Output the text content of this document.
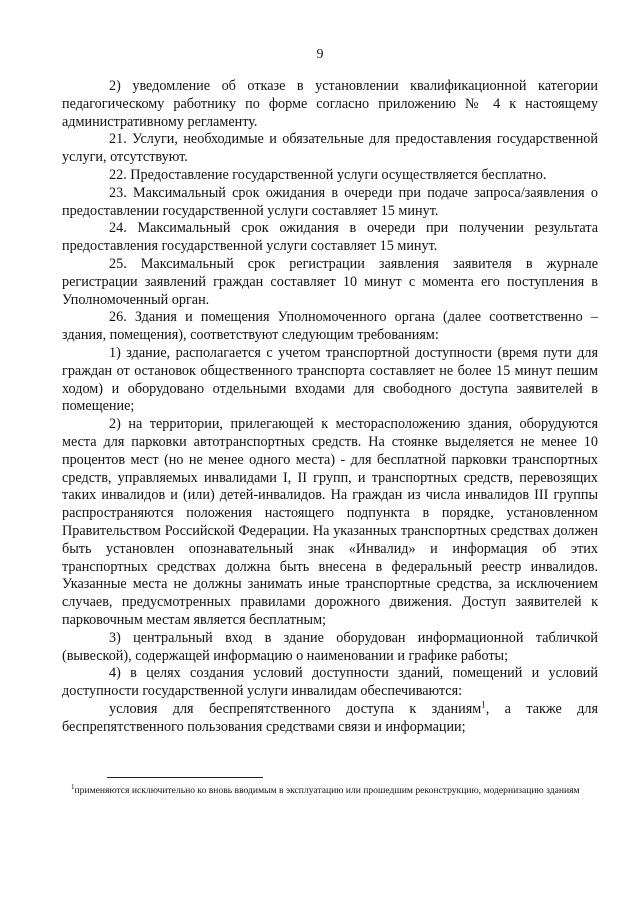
9

2) уведомление об отказе в установлении квалификационной категории педагогическому работнику по форме согласно приложению № 4 к настоящему административному регламенту.

21. Услуги, необходимые и обязательные для предоставления государственной услуги, отсутствуют.

22. Предоставление государственной услуги осуществляется бесплатно.

23. Максимальный срок ожидания в очереди при подаче запроса/заявления о предоставлении государственной услуги составляет 15 минут.

24. Максимальный срок ожидания в очереди при получении результата предоставления государственной услуги составляет 15 минут.

25. Максимальный срок регистрации заявления заявителя в журнале регистрации заявлений граждан составляет 10 минут с момента его поступления в Уполномоченный орган.

26. Здания и помещения Уполномоченного органа (далее соответственно – здания, помещения), соответствуют следующим требованиям:

1) здание, располагается с учетом транспортной доступности (время пути для граждан от остановок общественного транспорта составляет не более 15 минут пешим ходом) и оборудовано отдельными входами для свободного доступа заявителей в помещение;

2) на территории, прилегающей к месторасположению здания, оборудуются места для парковки автотранспортных средств. На стоянке выделяется не менее 10 процентов мест (но не менее одного места) - для бесплатной парковки транспортных средств, управляемых инвалидами I, II групп, и транспортных средств, перевозящих таких инвалидов и (или) детей-инвалидов. На граждан из числа инвалидов III группы распространяются положения настоящего подпункта в порядке, установленном Правительством Российской Федерации. На указанных транспортных средствах должен быть установлен опознавательный знак «Инвалид» и информация об этих транспортных средствах должна быть внесена в федеральный реестр инвалидов. Указанные места не должны занимать иные транспортные средства, за исключением случаев, предусмотренных правилами дорожного движения. Доступ заявителей к парковочным местам является бесплатным;

3) центральный вход в здание оборудован информационной табличкой (вывеской), содержащей информацию о наименовании и графике работы;

4) в целях создания условий доступности зданий, помещений и условий доступности государственной услуги инвалидам обеспечиваются:

условия для беспрепятственного доступа к зданиям$^1$, а также для беспрепятственного пользования средствами связи и информации;

$^1$применяются исключительно ко вновь вводимым в эксплуатацию или прошедшим реконструкцию, модернизацию зданиям
